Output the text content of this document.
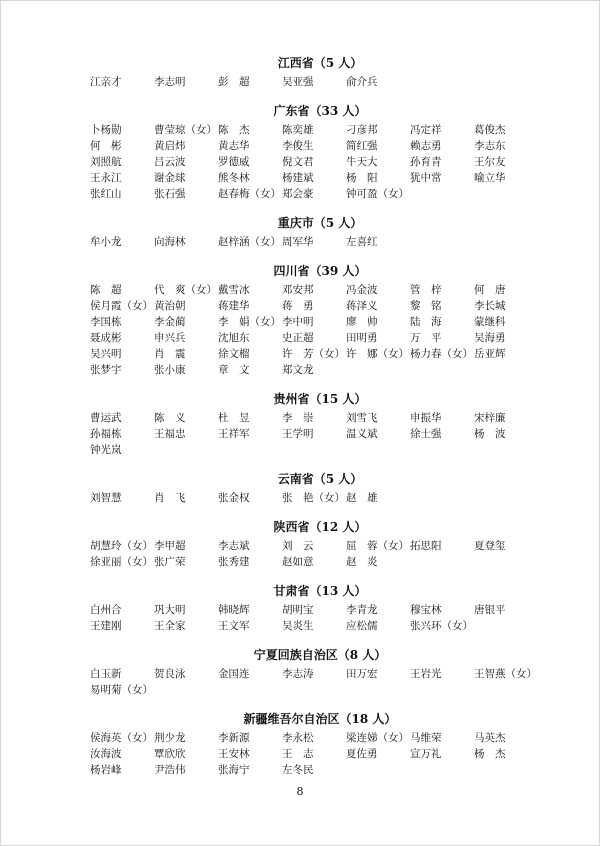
江西省（5 人）
江亲才	李志明	彭　超	吴亚强	俞介兵
广东省（33 人）
卜杨勋	曹莹琼（女） 陈　杰	陈奕雄	刁彦邦	冯定祥	葛俊杰
何　彬	黄启炜	黄志华	李俊生	简红强	赖志勇	李志东
刘照航	吕云波	罗德威	倪文君	牛天大	孙育青	王尔友
王永江	谢金球	熊冬林	杨建斌	杨　阳	犹中常	喻立华
张红山	张石强	赵春梅（女） 郑会豪	钟可盈（女）
重庆市（5 人）
牟小龙	向海林	赵梓涵（女） 周军华	左喜红
四川省（39 人）
陈　超	代　爽（女） 戴雪冰	邓安邦	冯金波	管　梓	何　唐
侯月霞（女） 黄治朝	蒋建华	蒋　勇	蒋泽义	黎　铭	李长城
李国栋	李金蔺	李　娟（女） 李中明	廖　帅	陆　海	蒙继科
聂成彬	申兴兵	沈旭东	史正超	田明勇	万　平	吴海勇
吴兴明	肖　震	徐文榴	许　芳（女） 许　娜（女） 杨力春（女） 岳亚辉
张梦宇	张小康	章　文	郑文龙
贵州省（15 人）
曹运武	陈　义	杜　昱	李　崇	刘雪飞	申振华	宋梓廉
孙福栋	王福忠	王祥军	王学明	温义斌	徐士强	杨　波
钟光岚
云南省（5 人）
刘智慧	肖　飞	张金权	张　艳（女） 赵　雄
陕西省（12 人）
胡慧玲（女） 李甲超	李志斌	刘　云	屈　蓉（女） 拓思阳	夏登玺
徐亚丽（女） 张广荣	张秀建	赵如意	赵　炎
甘肃省（13 人）
白州合	巩大明	韩晓辉	胡明宝	李青龙	穆宝林	唐银平
王建刚	王全家	王文军	吴炎生	应松儒	张兴环（女）
宁夏回族自治区（8 人）
白玉新	贺良泳	金国连	李志涛	田万宏	王岩光	王智燕（女）
易明菊（女）
新疆维吾尔自治区（18 人）
侯海英（女） 荆少龙	李新源	李永松	梁连娣（女） 马维荣	马英杰
汝海波	覃欣欣	王安林	王　志	夏佐勇	宣万礼	杨　杰
杨岩峰	尹浩伟	张海宁	左冬民
8
